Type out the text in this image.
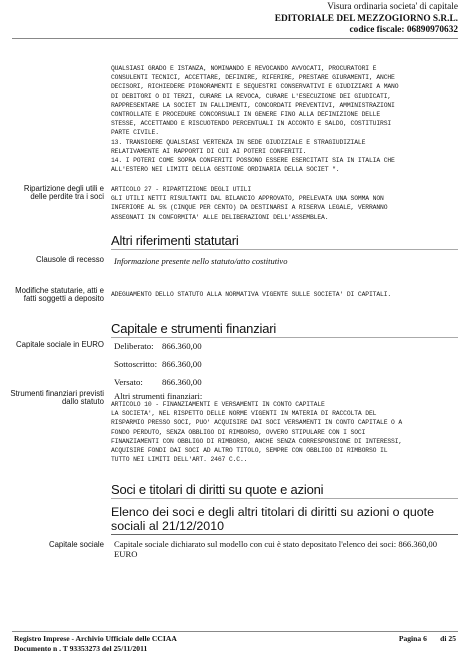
Visura ordinaria societa' di capitale
EDITORIALE DEL MEZZOGIORNO S.R.L.
codice fiscale: 06890970632
QUALSIASI GRADO E ISTANZA, NOMINANDO E REVOCANDO AVVOCATI, PROCURATORI E
CONSULENTI TECNICI, ACCETTARE, DEFINIRE, RIFERIRE, PRESTARE GIURAMENTI, ANCHE
DECISORI, RICHIEDERE PIGNORAMENTI E SEQUESTRI CONSERVATIVI E GIUDIZIARI A MANO
DI DEBITORI O DI TERZI, CURARE LA REVOCA, CURARE L'ESECUZIONE DEI GIUDICATI,
RAPPRESENTARE LA SOCIET IN FALLIMENTI, CONCORDATI PREVENTIVI, AMMINISTRAZIONI
CONTROLLATE E PROCEDURE CONCORSUALI IN GENERE FINO ALLA DEFINIZIONE DELLE
STESSE, ACCETTANDO E RISCUOTENDO PERCENTUALI IN ACCONTO E SALDO, COSTITUIRSI
PARTE CIVILE.
13. TRANSIGERE QUALSIASI VERTENZA IN SEDE GIUDIZIALE E STRAGIUDIZIALE
RELATIVAMENTE AI RAPPORTI DI CUI AI POTERI CONFERITI.
14. I POTERI COME SOPRA CONFERITI POSSONO ESSERE ESERCITATI SIA IN ITALIA CHE
ALL'ESTERO NEI LIMITI DELLA GESTIONE ORDINARIA DELLA SOCIET ".
Ripartizione degli utili e delle perdite tra i soci
ARTICOLO 27 - RIPARTIZIONE DEGLI UTILI
GLI UTILI NETTI RISULTANTI DAL BILANCIO APPROVATO, PRELEVATA UNA SOMMA NON
INFERIORE AL 5% (CINQUE PER CENTO) DA DESTINARSI A RISERVA LEGALE, VERRANNO
ASSEGNATI IN CONFORMITA' ALLE DELIBERAZIONI DELL'ASSEMBLEA.
Altri riferimenti statutari
Clausole di recesso Informazione presente nello statuto/atto costitutivo
Modifiche statutarie, atti e fatti soggetti a deposito ADEGUAMENTO DELLO STATUTO ALLA NORMATIVA VIGENTE SULLE SOCIETA' DI CAPITALI.
Capitale e strumenti finanziari
Capitale sociale in EURO Deliberato: 866.360,00
Sottoscritto: 866.360,00
Versato:	866.360,00
Strumenti finanziari previsti dallo statuto
Altri strumenti finanziari:
ARTICOLO 10 - FINANZIAMENTI E VERSAMENTI IN CONTO CAPITALE
LA SOCIETA', NEL RISPETTO DELLE NORME VIGENTI IN MATERIA DI RACCOLTA DEL
RISPARMIO PRESSO SOCI, PUO' ACQUISIRE DAI SOCI VERSAMENTI IN CONTO CAPITALE O A
FONDO PERDUTO, SENZA OBBLIGO DI RIMBORSO, OVVERO STIPULARE CON I SOCI
FINANZIAMENTI CON OBBLIGO DI RIMBORSO, ANCHE SENZA CORRESPONSIONE DI INTERESSI,
ACQUISIRE FONDI DAI SOCI AD ALTRO TITOLO, SEMPRE CON OBBLIGO DI RIMBORSO IL
TUTTO NEI LIMITI DELL'ART. 2467 C.C..
Soci e titolari di diritti su quote e azioni
Elenco dei soci e degli altri titolari di diritti su azioni o quote sociali al 21/12/2010
Capitale sociale Capitale sociale dichiarato sul modello con cui è stato depositato l'elenco dei soci: 866.360,00 EURO
Registro Imprese - Archivio Ufficiale delle CCIAA
Documento n . T 93353273 del 25/11/2011
Pagina 6       di 25
